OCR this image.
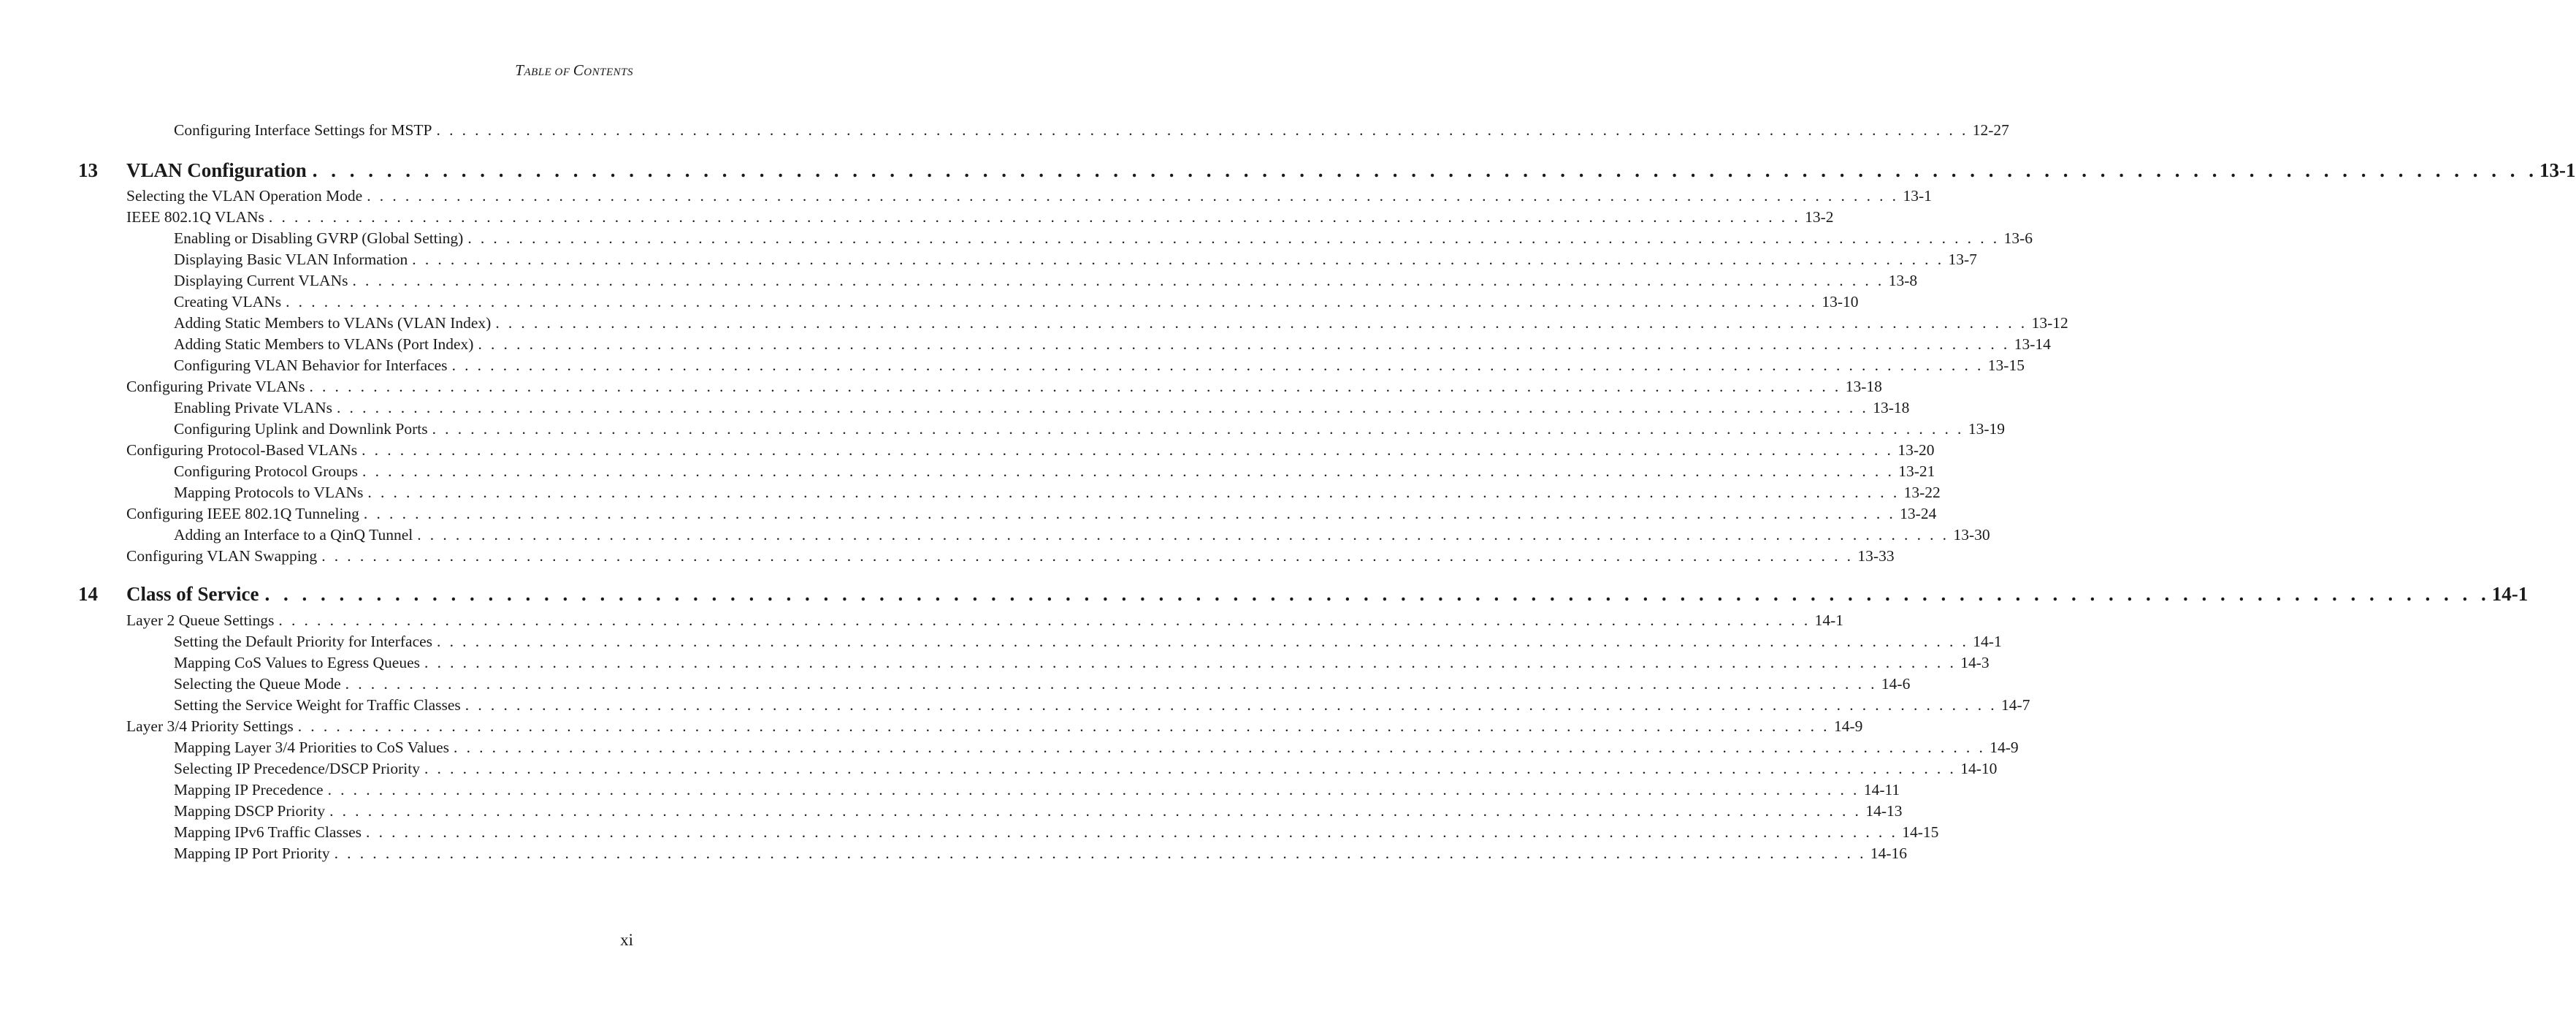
TABLE OF CONTENTS
Configuring Interface Settings for MSTP . . . . . . . . . . . . . . . . . . . . . . . . . . . . . . . . . . . . . . . . . . . . . . . . . . . . . . . . . . . . . . . . . . . . . . . . . . . . . . . . . . . . . . . . . . . . . . . . . . . . . . . . . . . . . . . . . . . . . . . . 12-27
13	VLAN Configuration . . . . . . . . . . . . . . . . . . . . . . . . . . . . . . . . . . . . . . . . . . . . . . . . . . . . . . . . . . . . . . . . . . . . . . . . . . . . . . . . . . . . . . . . . . . . . . . . . . . . . . . . . . . . . . . . . . . . . . . . 13-1
Selecting the VLAN Operation Mode . . . . . . . . . . . . . . . . . . . . . . . . . . . . . . . . . . . . . . . . . . . . . . . . . . . . . . . . . . . . . . . . . . . . . . . . . . . . . . . . . . . . . . . . . . . . . . . . . . . . . . . . . . . . . . . . . . . . . . . . 13-1
IEEE 802.1Q VLANs . . . . . . . . . . . . . . . . . . . . . . . . . . . . . . . . . . . . . . . . . . . . . . . . . . . . . . . . . . . . . . . . . . . . . . . . . . . . . . . . . . . . . . . . . . . . . . . . . . . . . . . . . . . . . . . . . . . . . . . . 13-2
Enabling or Disabling GVRP (Global Setting) . . . . . . . . . . . . . . . . . . . . . . . . . . . . . . . . . . . . . . . . . . . . . . . . . . . . . . . . . . . . . . . . . . . . . . . . . . . . . . . . . . . . . . . . . . . . . . . . . . . . . . . . . . . . . . . . . . . . . . . . 13-6
Displaying Basic VLAN Information . . . . . . . . . . . . . . . . . . . . . . . . . . . . . . . . . . . . . . . . . . . . . . . . . . . . . . . . . . . . . . . . . . . . . . . . . . . . . . . . . . . . . . . . . . . . . . . . . . . . . . . . . . . . . . . . . . . . . . . . 13-7
Displaying Current VLANs . . . . . . . . . . . . . . . . . . . . . . . . . . . . . . . . . . . . . . . . . . . . . . . . . . . . . . . . . . . . . . . . . . . . . . . . . . . . . . . . . . . . . . . . . . . . . . . . . . . . . . . . . . . . . . . . . . . . . . . . 13-8
Creating VLANs . . . . . . . . . . . . . . . . . . . . . . . . . . . . . . . . . . . . . . . . . . . . . . . . . . . . . . . . . . . . . . . . . . . . . . . . . . . . . . . . . . . . . . . . . . . . . . . . . . . . . . . . . . . . . . . . . . . . . . . . 13-10
Adding Static Members to VLANs (VLAN Index) . . . . . . . . . . . . . . . . . . . . . . . . . . . . . . . . . . . . . . . . . . . . . . . . . . . . . . . . . . . . . . . . . . . . . . . . . . . . . . . . . . . . . . . . . . . . . . . . . . . . . . . . . . . . . . . . . . . . . . . . 13-12
Adding Static Members to VLANs (Port Index) . . . . . . . . . . . . . . . . . . . . . . . . . . . . . . . . . . . . . . . . . . . . . . . . . . . . . . . . . . . . . . . . . . . . . . . . . . . . . . . . . . . . . . . . . . . . . . . . . . . . . . . . . . . . . . . . . . . . . . . . 13-14
Configuring VLAN Behavior for Interfaces . . . . . . . . . . . . . . . . . . . . . . . . . . . . . . . . . . . . . . . . . . . . . . . . . . . . . . . . . . . . . . . . . . . . . . . . . . . . . . . . . . . . . . . . . . . . . . . . . . . . . . . . . . . . . . . . . . . . . . . . 13-15
Configuring Private VLANs . . . . . . . . . . . . . . . . . . . . . . . . . . . . . . . . . . . . . . . . . . . . . . . . . . . . . . . . . . . . . . . . . . . . . . . . . . . . . . . . . . . . . . . . . . . . . . . . . . . . . . . . . . . . . . . . . . . . . . . . 13-18
Enabling Private VLANs . . . . . . . . . . . . . . . . . . . . . . . . . . . . . . . . . . . . . . . . . . . . . . . . . . . . . . . . . . . . . . . . . . . . . . . . . . . . . . . . . . . . . . . . . . . . . . . . . . . . . . . . . . . . . . . . . . . . . . . . 13-18
Configuring Uplink and Downlink Ports . . . . . . . . . . . . . . . . . . . . . . . . . . . . . . . . . . . . . . . . . . . . . . . . . . . . . . . . . . . . . . . . . . . . . . . . . . . . . . . . . . . . . . . . . . . . . . . . . . . . . . . . . . . . . . . . . . . . . . . . 13-19
Configuring Protocol-Based VLANs . . . . . . . . . . . . . . . . . . . . . . . . . . . . . . . . . . . . . . . . . . . . . . . . . . . . . . . . . . . . . . . . . . . . . . . . . . . . . . . . . . . . . . . . . . . . . . . . . . . . . . . . . . . . . . . . . . . . . . . . 13-20
Configuring Protocol Groups . . . . . . . . . . . . . . . . . . . . . . . . . . . . . . . . . . . . . . . . . . . . . . . . . . . . . . . . . . . . . . . . . . . . . . . . . . . . . . . . . . . . . . . . . . . . . . . . . . . . . . . . . . . . . . . . . . . . . . . . 13-21
Mapping Protocols to VLANs . . . . . . . . . . . . . . . . . . . . . . . . . . . . . . . . . . . . . . . . . . . . . . . . . . . . . . . . . . . . . . . . . . . . . . . . . . . . . . . . . . . . . . . . . . . . . . . . . . . . . . . . . . . . . . . . . . . . . . . . 13-22
Configuring IEEE 802.1Q Tunneling . . . . . . . . . . . . . . . . . . . . . . . . . . . . . . . . . . . . . . . . . . . . . . . . . . . . . . . . . . . . . . . . . . . . . . . . . . . . . . . . . . . . . . . . . . . . . . . . . . . . . . . . . . . . . . . . . . . . . . . . 13-24
Adding an Interface to a QinQ Tunnel . . . . . . . . . . . . . . . . . . . . . . . . . . . . . . . . . . . . . . . . . . . . . . . . . . . . . . . . . . . . . . . . . . . . . . . . . . . . . . . . . . . . . . . . . . . . . . . . . . . . . . . . . . . . . . . . . . . . . . . . 13-30
Configuring VLAN Swapping . . . . . . . . . . . . . . . . . . . . . . . . . . . . . . . . . . . . . . . . . . . . . . . . . . . . . . . . . . . . . . . . . . . . . . . . . . . . . . . . . . . . . . . . . . . . . . . . . . . . . . . . . . . . . . . . . . . . . . . . 13-33
14	Class of Service . . . . . . . . . . . . . . . . . . . . . . . . . . . . . . . . . . . . . . . . . . . . . . . . . . . . . . . . . . . . . . . . . . . . . . . . . . . . . . . . . . . . . . . . . . . . . . . . . . . . . . . . . . . . . . . . . . . . . . . . 14-1
Layer 2 Queue Settings . . . . . . . . . . . . . . . . . . . . . . . . . . . . . . . . . . . . . . . . . . . . . . . . . . . . . . . . . . . . . . . . . . . . . . . . . . . . . . . . . . . . . . . . . . . . . . . . . . . . . . . . . . . . . . . . . . . . . . . . 14-1
Setting the Default Priority for Interfaces . . . . . . . . . . . . . . . . . . . . . . . . . . . . . . . . . . . . . . . . . . . . . . . . . . . . . . . . . . . . . . . . . . . . . . . . . . . . . . . . . . . . . . . . . . . . . . . . . . . . . . . . . . . . . . . . . . . . . . . . 14-1
Mapping CoS Values to Egress Queues . . . . . . . . . . . . . . . . . . . . . . . . . . . . . . . . . . . . . . . . . . . . . . . . . . . . . . . . . . . . . . . . . . . . . . . . . . . . . . . . . . . . . . . . . . . . . . . . . . . . . . . . . . . . . . . . . . . . . . . . 14-3
Selecting the Queue Mode . . . . . . . . . . . . . . . . . . . . . . . . . . . . . . . . . . . . . . . . . . . . . . . . . . . . . . . . . . . . . . . . . . . . . . . . . . . . . . . . . . . . . . . . . . . . . . . . . . . . . . . . . . . . . . . . . . . . . . . . 14-6
Setting the Service Weight for Traffic Classes . . . . . . . . . . . . . . . . . . . . . . . . . . . . . . . . . . . . . . . . . . . . . . . . . . . . . . . . . . . . . . . . . . . . . . . . . . . . . . . . . . . . . . . . . . . . . . . . . . . . . . . . . . . . . . . . . . . . . . . . 14-7
Layer 3/4 Priority Settings . . . . . . . . . . . . . . . . . . . . . . . . . . . . . . . . . . . . . . . . . . . . . . . . . . . . . . . . . . . . . . . . . . . . . . . . . . . . . . . . . . . . . . . . . . . . . . . . . . . . . . . . . . . . . . . . . . . . . . . . 14-9
Mapping Layer 3/4 Priorities to CoS Values . . . . . . . . . . . . . . . . . . . . . . . . . . . . . . . . . . . . . . . . . . . . . . . . . . . . . . . . . . . . . . . . . . . . . . . . . . . . . . . . . . . . . . . . . . . . . . . . . . . . . . . . . . . . . . . . . . . . . . . . 14-9
Selecting IP Precedence/DSCP Priority . . . . . . . . . . . . . . . . . . . . . . . . . . . . . . . . . . . . . . . . . . . . . . . . . . . . . . . . . . . . . . . . . . . . . . . . . . . . . . . . . . . . . . . . . . . . . . . . . . . . . . . . . . . . . . . . . . . . . . . . 14-10
Mapping IP Precedence . . . . . . . . . . . . . . . . . . . . . . . . . . . . . . . . . . . . . . . . . . . . . . . . . . . . . . . . . . . . . . . . . . . . . . . . . . . . . . . . . . . . . . . . . . . . . . . . . . . . . . . . . . . . . . . . . . . . . . . . 14-11
Mapping DSCP Priority . . . . . . . . . . . . . . . . . . . . . . . . . . . . . . . . . . . . . . . . . . . . . . . . . . . . . . . . . . . . . . . . . . . . . . . . . . . . . . . . . . . . . . . . . . . . . . . . . . . . . . . . . . . . . . . . . . . . . . . . 14-13
Mapping IPv6 Traffic Classes . . . . . . . . . . . . . . . . . . . . . . . . . . . . . . . . . . . . . . . . . . . . . . . . . . . . . . . . . . . . . . . . . . . . . . . . . . . . . . . . . . . . . . . . . . . . . . . . . . . . . . . . . . . . . . . . . . . . . . . . 14-15
Mapping IP Port Priority . . . . . . . . . . . . . . . . . . . . . . . . . . . . . . . . . . . . . . . . . . . . . . . . . . . . . . . . . . . . . . . . . . . . . . . . . . . . . . . . . . . . . . . . . . . . . . . . . . . . . . . . . . . . . . . . . . . . . . . . 14-16
xi
